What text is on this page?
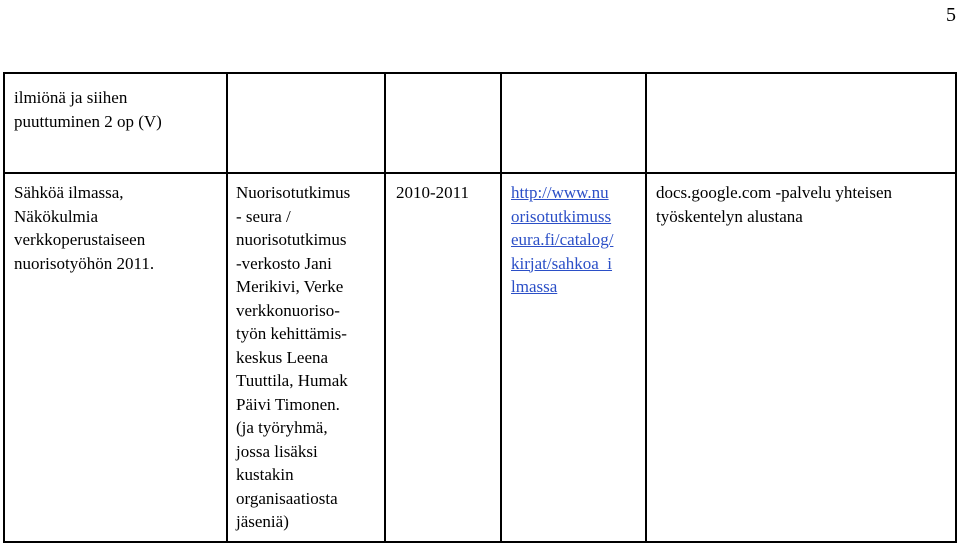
5
ilmiönä ja siihen
puuttuminen 2 op (V)
Sähköä ilmassa,
Näkökulmia
verkkoperustaiseen
nuorisotyöhön 2011.
Nuorisotutkimus
- seura /
nuorisotutkimus
-verkosto Jani
Merikivi, Verke
verkkonuoriso-
työn kehittämis-
keskus Leena
Tuuttila, Humak
Päivi Timonen.
(ja työryhmä,
jossa lisäksi
kustakin
organisaatiosta
jäseniä)
2010-2011 http://www.nu
orisotutkimuss
eura.fi/catalog/
kirjat/sahkoa_i
lmassa
docs.google.com -palvelu yhteisen
työskentelyn alustana
